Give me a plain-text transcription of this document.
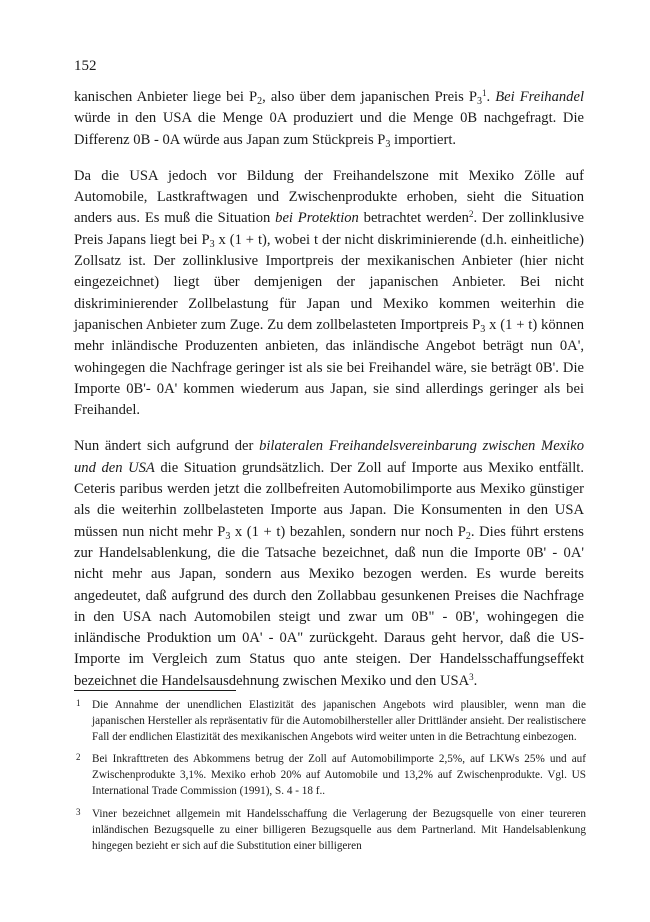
152

kanischen Anbieter liege bei $P_2$, also über dem japanischen Preis $P_3^1$. Bei Freihandel würde in den USA die Menge 0A produziert und die Menge 0B nachgefragt. Die Differenz 0B - 0A würde aus Japan zum Stückpreis $P_3$ importiert.

Da die USA jedoch vor Bildung der Freihandelszone mit Mexiko Zölle auf Automobile, Lastkraftwagen und Zwischenprodukte erhoben, sieht die Situation anders aus. Es muß die Situation bei Protektion betrachtet werden$^2$. Der zollinklusive Preis Japans liegt bei $P_3$ x (1 + t), wobei t der nicht diskriminierende (d.h. einheitliche) Zollsatz ist. Der zollinklusive Importpreis der mexikanischen Anbieter (hier nicht eingezeichnet) liegt über demjenigen der japanischen Anbieter. Bei nicht diskriminierender Zollbelastung für Japan und Mexiko kommen weiterhin die japanischen Anbieter zum Zuge. Zu dem zollbelasteten Importpreis $P_3$ x (1 + t) können mehr inländische Produzenten anbieten, das inländische Angebot beträgt nun 0A', wohingegen die Nachfrage geringer ist als sie bei Freihandel wäre, sie beträgt 0B'. Die Importe 0B'- 0A' kommen wiederum aus Japan, sie sind allerdings geringer als bei Freihandel.

Nun ändert sich aufgrund der bilateralen Freihandelsvereinbarung zwischen Mexiko und den USA die Situation grundsätzlich. Der Zoll auf Importe aus Mexiko entfällt. Ceteris paribus werden jetzt die zollbefreiten Automobilimporte aus Mexiko günstiger als die weiterhin zollbelasteten Importe aus Japan. Die Konsumenten in den USA müssen nun nicht mehr $P_3$ x (1 + t) bezahlen, sondern nur noch $P_2$. Dies führt erstens zur Handelsablenkung, die die Tatsache bezeichnet, daß nun die Importe 0B' - 0A' nicht mehr aus Japan, sondern aus Mexiko bezogen werden. Es wurde bereits angedeutet, daß aufgrund des durch den Zollabbau gesunkenen Preises die Nachfrage in den USA nach Automobilen steigt und zwar um 0B" - 0B', wohingegen die inländische Produktion um 0A' - 0A" zurückgeht. Daraus geht hervor, daß die US-Importe im Vergleich zum Status quo ante steigen. Der Handelsschaffungseffekt bezeichnet die Handelsausdehnung zwischen Mexiko und den USA$^3$.

1 Die Annahme der unendlichen Elastizität des japanischen Angebots wird plausibler, wenn man die japanischen Hersteller als repräsentativ für die Automobilhersteller aller Drittländer ansieht. Der realistischere Fall der endlichen Elastizität des mexikanischen Angebots wird weiter unten in die Betrachtung einbezogen.
2 Bei Inkrafttreten des Abkommens betrug der Zoll auf Automobilimporte 2,5%, auf LKWs 25% und auf Zwischenprodukte 3,1%. Mexiko erhob 20% auf Automobile und 13,2% auf Zwischenprodukte. Vgl. US International Trade Commission (1991), S. 4 - 18 f..
3 Viner bezeichnet allgemein mit Handelsschaffung die Verlagerung der Bezugsquelle von einer teureren inländischen Bezugsquelle zu einer billigeren Bezugsquelle aus dem Partnerland. Mit Handelsablenkung hingegen bezieht er sich auf die Substitution einer billigeren
